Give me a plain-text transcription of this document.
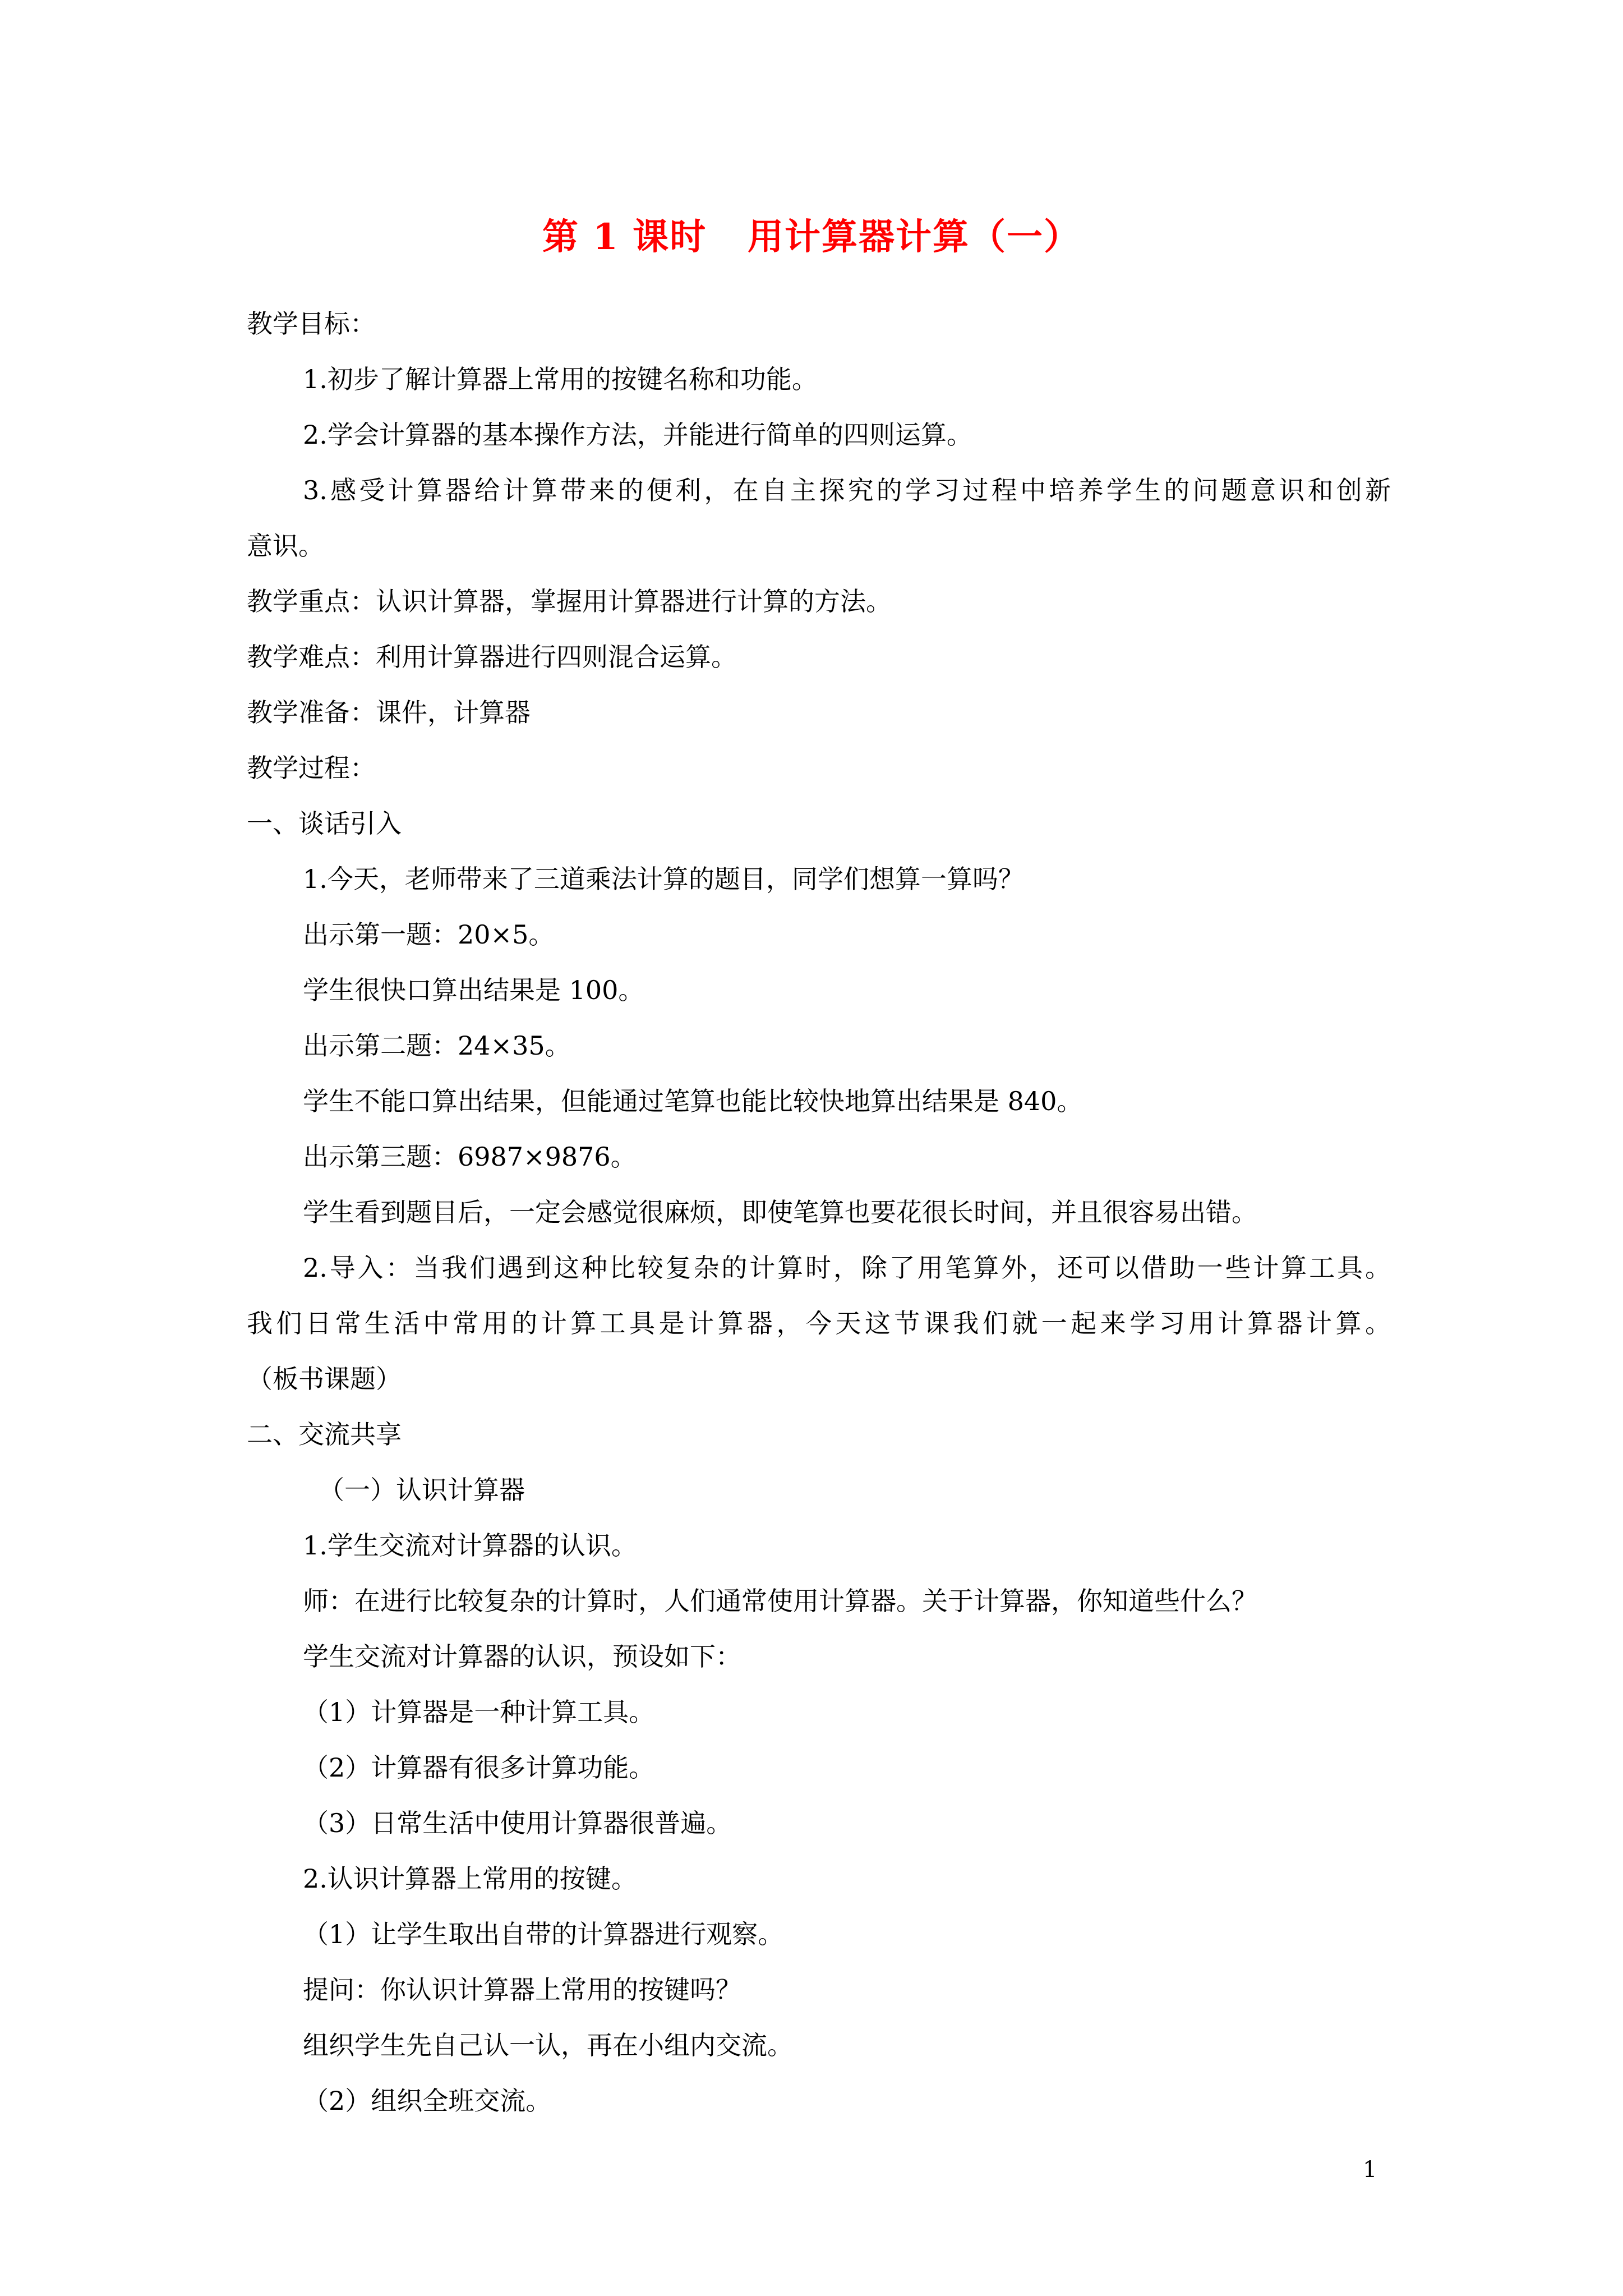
第 1 课时   用计算器计算（一）
教学目标：
1.初步了解计算器上常用的按键名称和功能。
2.学会计算器的基本操作方法，并能进行简单的四则运算。
3.感受计算器给计算带来的便利，在自主探究的学习过程中培养学生的问题意识和创新
意识。
教学重点：认识计算器，掌握用计算器进行计算的方法。
教学难点：利用计算器进行四则混合运算。
教学准备：课件，计算器
教学过程：
一、谈话引入
1.今天，老师带来了三道乘法计算的题目，同学们想算一算吗？
出示第一题：20×5。
学生很快口算出结果是 100。
出示第二题：24×35。
学生不能口算出结果，但能通过笔算也能比较快地算出结果是 840。
出示第三题：6987×9876。
学生看到题目后，一定会感觉很麻烦，即使笔算也要花很长时间，并且很容易出错。
2.导入：当我们遇到这种比较复杂的计算时，除了用笔算外，还可以借助一些计算工具。
我们日常生活中常用的计算工具是计算器，今天这节课我们就一起来学习用计算器计算。
（板书课题）
二、交流共享
（一）认识计算器
1.学生交流对计算器的认识。
师：在进行比较复杂的计算时，人们通常使用计算器。关于计算器，你知道些什么？
学生交流对计算器的认识，预设如下：
（1）计算器是一种计算工具。
（2）计算器有很多计算功能。
（3）日常生活中使用计算器很普遍。
2.认识计算器上常用的按键。
（1）让学生取出自带的计算器进行观察。
提问：你认识计算器上常用的按键吗？
组织学生先自己认一认，再在小组内交流。
（2）组织全班交流。
1
